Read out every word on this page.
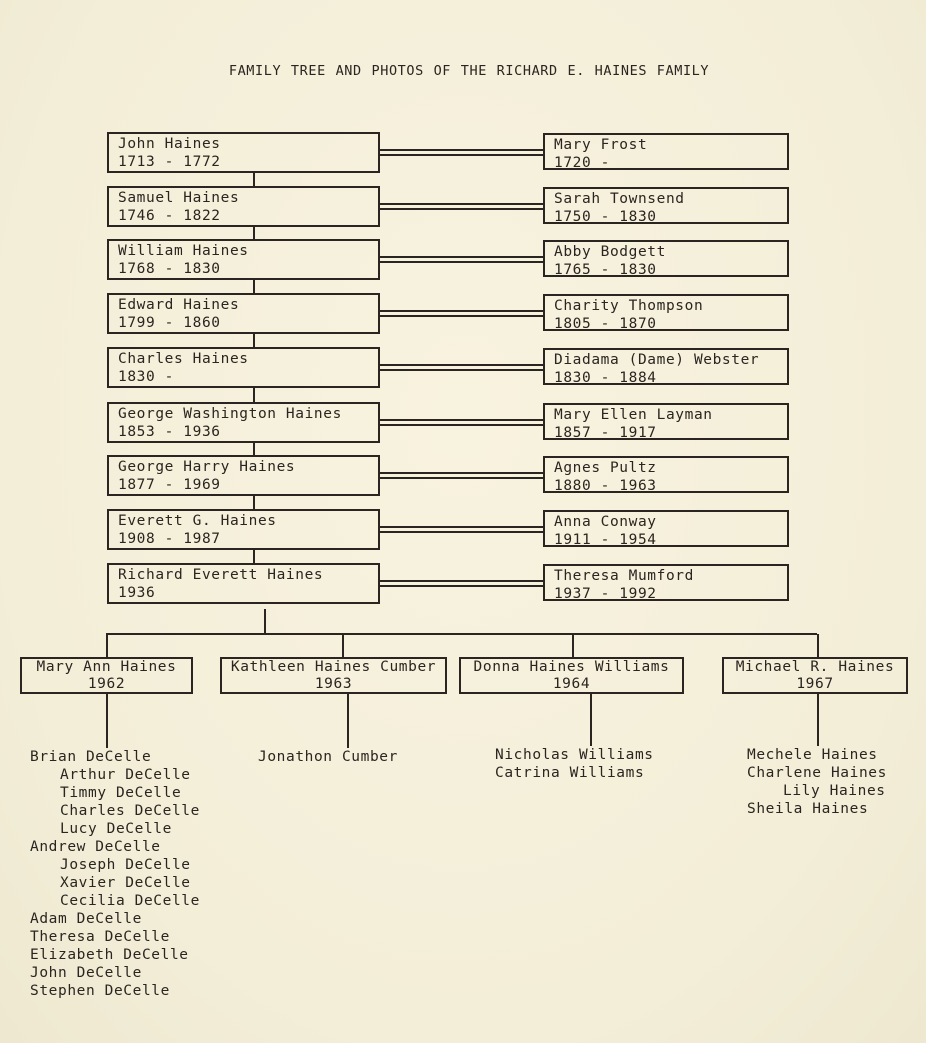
FAMILY TREE AND PHOTOS OF THE RICHARD E. HAINES FAMILY
John Haines
1713 - 1772
Mary Frost
1720 -
Samuel Haines
1746 - 1822
Sarah Townsend
1750 - 1830
William Haines
1768 - 1830
Abby Bodgett
1765 - 1830
Edward Haines
1799 - 1860
Charity Thompson
1805 - 1870
Charles Haines
1830 -
Diadama (Dame) Webster
1830 - 1884
George Washington Haines
1853 - 1936
Mary Ellen Layman
1857 - 1917
George Harry Haines
1877 - 1969
Agnes Pultz
1880 - 1963
Everett G. Haines
1908 - 1987
Anna Conway
1911 - 1954
Richard Everett Haines
1936
Theresa Mumford
1937 - 1992
Mary Ann Haines
1962
Brian DeCelle
Arthur DeCelle
Timmy DeCelle
Charles DeCelle
Lucy DeCelle
Andrew DeCelle
Joseph DeCelle
Xavier DeCelle
Cecilia DeCelle
Adam DeCelle
Theresa DeCelle
Elizabeth DeCelle
John DeCelle
Stephen DeCelle
Kathleen Haines Cumber
1963
Jonathon Cumber
Donna Haines Williams
1964
Nicholas Williams
Catrina Williams
Michael R. Haines
1967
Mechele Haines
Charlene Haines
Lily Haines
Sheila Haines
